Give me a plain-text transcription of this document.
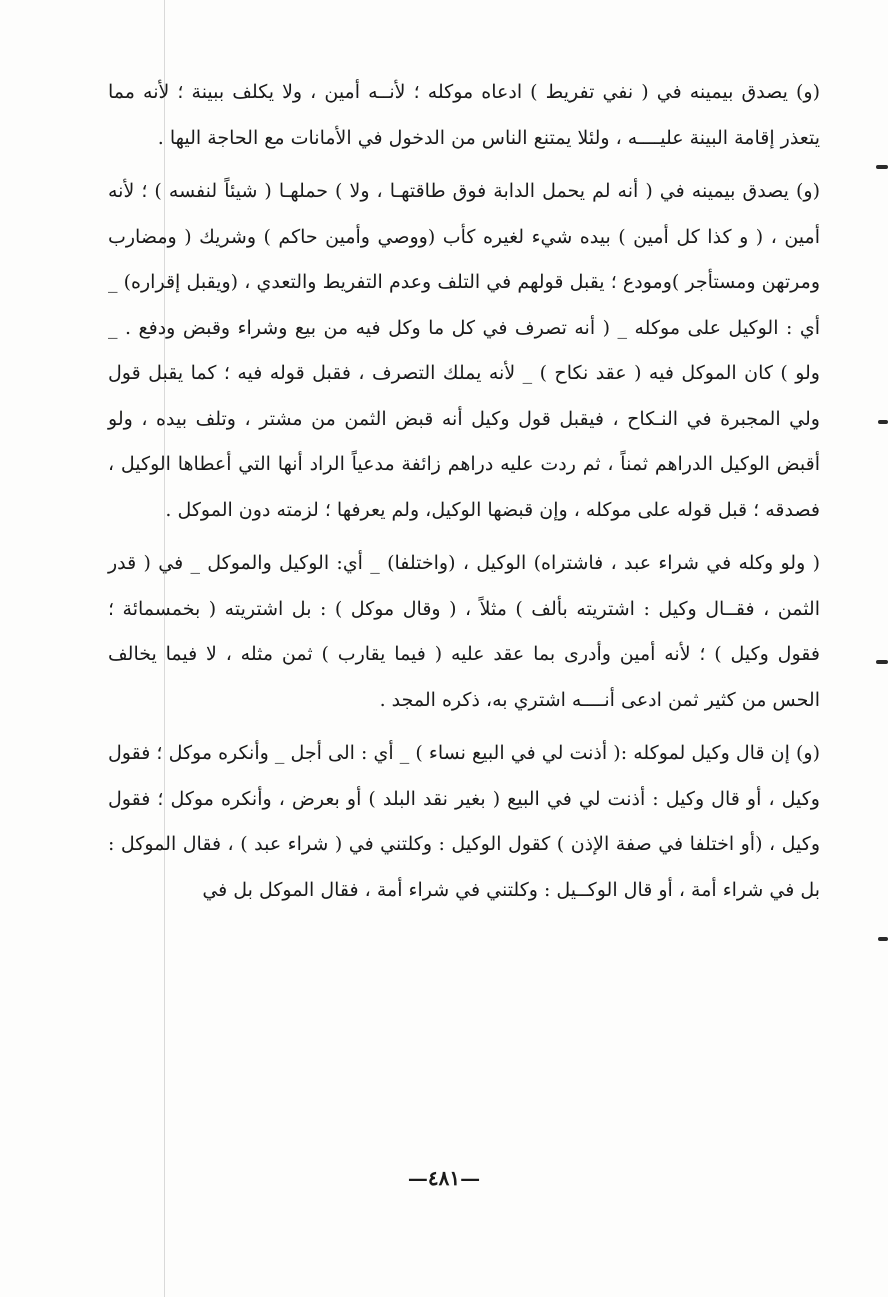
(و) يصدق بيمينه في ( نفي تفريط ) ادعاه موكله ؛ لأنــه أمين ، ولا يكلف ببينة ؛ لأنه مما يتعذر إقامة البينة عليــــه ، ولئلا يمتنع الناس من الدخول في الأمانات مع الحاجة اليها .

(و) يصدق بيمينه في ( أنه لم يحمل الدابة فوق طاقتهـا ، ولا ) حملهـا ( شيئاً لنفسه ) ؛ لأنه أمين ، ( و كذا كل أمين ) بيده شيء لغيره كأب (ووصي وأمين حاكم ) وشريك ( ومضارب ومرتهن ومستأجر )ومودع ؛ يقبل قولهم في التلف وعدم التفريط والتعدي ، (ويقبل إقراره) _ أي : الوكيل على موكله _ ( أنه تصرف في كل ما وكل فيه من بيع وشراء وقبض ودفع . _ ولو ) كان الموكل فيه ( عقد نكاح ) _ لأنه يملك التصرف ، فقبل قوله فيه ؛ كما يقبل قول ولي المجبرة في النـكاح ، فيقبل قول وكيل أنه قبض الثمن من مشتر ، وتلف بيده ، ولو أقبض الوكيل الدراهم ثمناً ، ثم ردت عليه دراهم زائفة مدعياً الراد أنها التي أعطاها الوكيل ، فصدقه ؛ قبل قوله على موكله ، وإن قبضها الوكيل، ولم يعرفها ؛ لزمته دون الموكل .

( ولو وكله في شراء عبد ، فاشتراه) الوكيل ، (واختلفا) _ أي: الوكيل والموكل _ في ( قدر الثمن ، فقــال وكيل : اشتريته بألف ) مثلاً ، ( وقال موكل ) : بل اشتريته ( بخمسمائة ؛ فقول وكيل ) ؛ لأنه أمين وأدرى بما عقد عليه ( فيما يقارب ) ثمن مثله ، لا فيما يخالف الحس من كثير ثمن ادعى أنــــه اشتري به، ذكره المجد .

(و) إن قال وكيل لموكله :( أذنت لي في البيع نساء ) _ أي : الى أجل _ وأنكره موكل ؛ فقول وكيل ، أو قال وكيل : أذنت لي في البيع ( بغير نقد البلد ) أو بعرض ، وأنكره موكل ؛ فقول وكيل ، (أو اختلفا في صفة الإذن ) كقول الوكيل : وكلتني في ( شراء عبد ) ، فقال الموكل : بل في شراء أمة ، أو قال الوكــيل : وكلتني في شراء أمة ، فقال الموكل بل في

—٤٨١—
